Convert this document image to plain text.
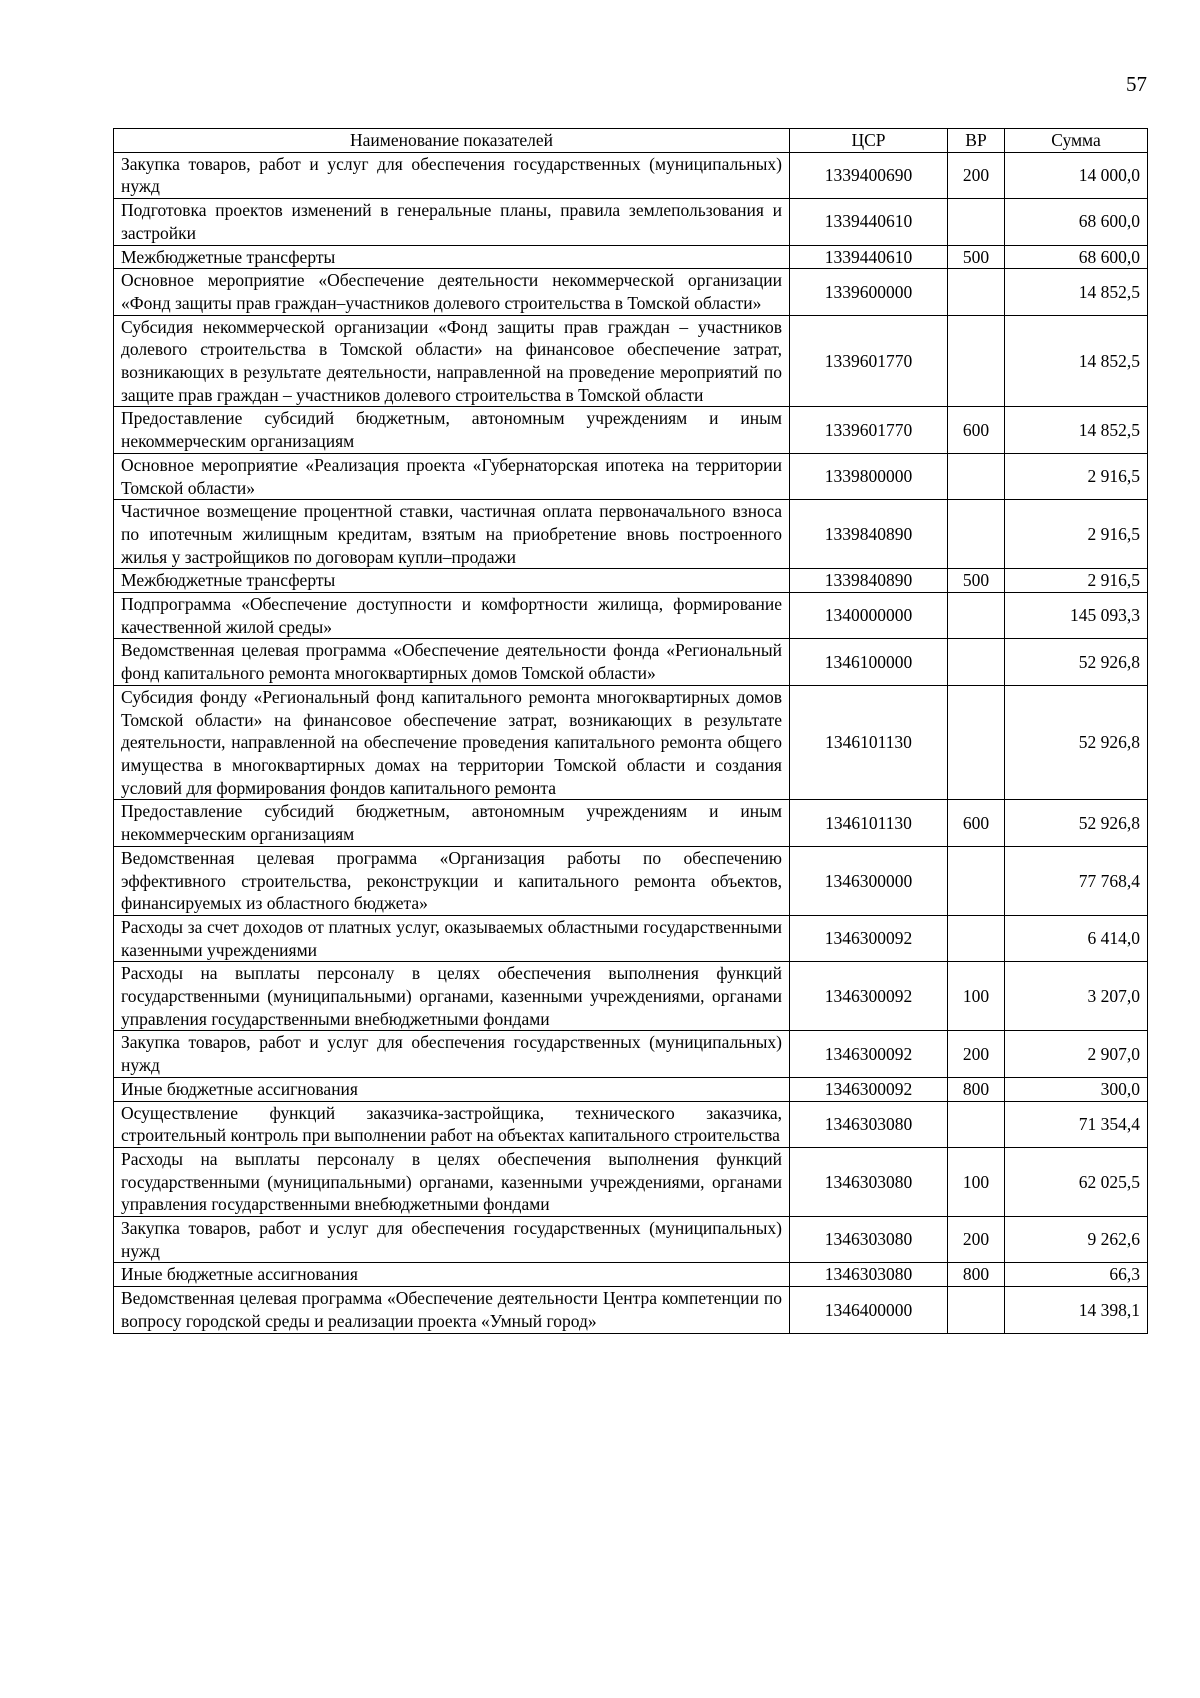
57
Наименование показателей	ЦСР	ВР	Сумма
Закупка товаров, работ и услуг для обеспечения государственных (муниципальных) нужд	1339400690	200	14 000,0
Подготовка проектов изменений в генеральные планы, правила землепользования и застройки	1339440610		68 600,0
Межбюджетные трансферты	1339440610	500	68 600,0
Основное мероприятие «Обеспечение деятельности некоммерческой организации «Фонд защиты прав граждан–участников долевого строительства в Томской области»	1339600000		14 852,5
Субсидия некоммерческой организации «Фонд защиты прав граждан – участников долевого строительства в Томской области» на финансовое обеспечение затрат, возникающих в результате деятельности, направленной на проведение мероприятий по защите прав граждан – участников долевого строительства в Томской области	1339601770		14 852,5
Предоставление субсидий бюджетным, автономным учреждениям и иным некоммерческим организациям	1339601770	600	14 852,5
Основное мероприятие «Реализация проекта «Губернаторская ипотека на территории Томской области»	1339800000		2 916,5
Частичное возмещение процентной ставки, частичная оплата первоначального взноса по ипотечным жилищным кредитам, взятым на приобретение вновь построенного жилья у застройщиков по договорам купли–продажи	1339840890		2 916,5
Межбюджетные трансферты	1339840890	500	2 916,5
Подпрограмма «Обеспечение доступности и комфортности жилища, формирование качественной жилой среды»	1340000000		145 093,3
Ведомственная целевая программа «Обеспечение деятельности фонда «Региональный фонд капитального ремонта многоквартирных домов Томской области»	1346100000		52 926,8
Субсидия фонду «Региональный фонд капитального ремонта многоквартирных домов Томской области» на финансовое обеспечение затрат, возникающих в результате деятельности, направленной на обеспечение проведения капитального ремонта общего имущества в многоквартирных домах на территории Томской области и создания условий для формирования фондов капитального ремонта	1346101130		52 926,8
Предоставление субсидий бюджетным, автономным учреждениям и иным некоммерческим организациям	1346101130	600	52 926,8
Ведомственная целевая программа «Организация работы по обеспечению эффективного строительства, реконструкции и капитального ремонта объектов, финансируемых из областного бюджета»	1346300000		77 768,4
Расходы за счет доходов от платных услуг, оказываемых областными государственными казенными учреждениями	1346300092		6 414,0
Расходы на выплаты персоналу в целях обеспечения выполнения функций государственными (муниципальными) органами, казенными учреждениями, органами управления государственными внебюджетными фондами	1346300092	100	3 207,0
Закупка товаров, работ и услуг для обеспечения государственных (муниципальных) нужд	1346300092	200	2 907,0
Иные бюджетные ассигнования	1346300092	800	300,0
Осуществление функций заказчика-застройщика, технического заказчика, строительный контроль при выполнении работ на объектах капитального строительства	1346303080		71 354,4
Расходы на выплаты персоналу в целях обеспечения выполнения функций государственными (муниципальными) органами, казенными учреждениями, органами управления государственными внебюджетными фондами	1346303080	100	62 025,5
Закупка товаров, работ и услуг для обеспечения государственных (муниципальных) нужд	1346303080	200	9 262,6
Иные бюджетные ассигнования	1346303080	800	66,3
Ведомственная целевая программа «Обеспечение деятельности Центра компетенции по вопросу городской среды и реализации проекта «Умный город»	1346400000		14 398,1
